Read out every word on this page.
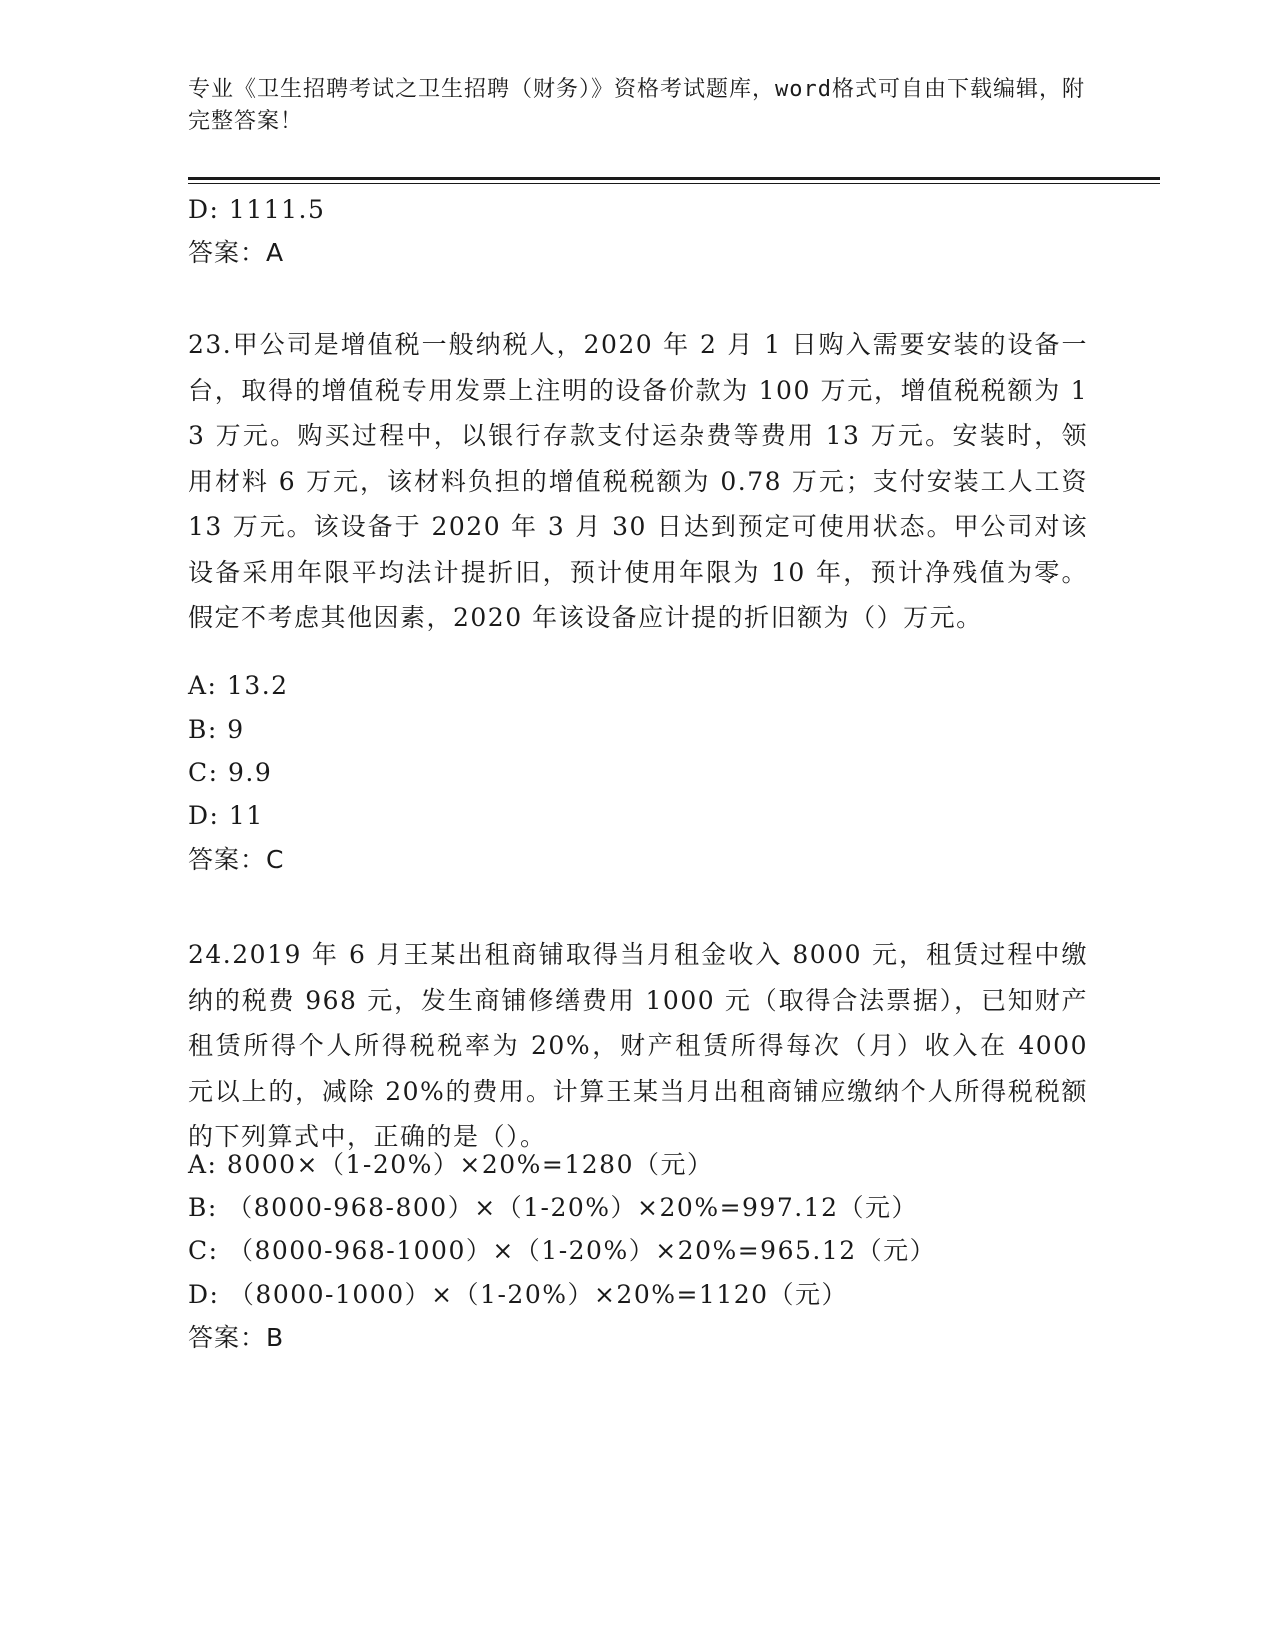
专业《卫生招聘考试之卫生招聘（财务）》资格考试题库，word格式可自由下载编辑，附完整答案！
D: 1111.5
答案：A
23.甲公司是增值税一般纳税人，2020 年 2 月 1 日购入需要安装的设备一台，取得的增值税专用发票上注明的设备价款为 100 万元，增值税税额为 13 万元。购买过程中，以银行存款支付运杂费等费用 13 万元。安装时，领用材料 6 万元，该材料负担的增值税税额为 0.78 万元；支付安装工人工资 13 万元。该设备于 2020 年 3 月 30 日达到预定可使用状态。甲公司对该设备采用年限平均法计提折旧，预计使用年限为 10 年，预计净残值为零。假定不考虑其他因素，2020 年该设备应计提的折旧额为（）万元。
A: 13.2
B: 9
C: 9.9
D: 11
答案：C
24.2019 年 6 月王某出租商铺取得当月租金收入 8000 元，租赁过程中缴纳的税费 968 元，发生商铺修缮费用 1000 元（取得合法票据），已知财产租赁所得个人所得税税率为 20%，财产租赁所得每次（月）收入在 4000 元以上的，减除 20%的费用。计算王某当月出租商铺应缴纳个人所得税税额的下列算式中，正确的是（）。
A: 8000×（1-20%）×20%=1280（元）
B: （8000-968-800）×（1-20%）×20%=997.12（元）
C: （8000-968-1000）×（1-20%）×20%=965.12（元）
D: （8000-1000）×（1-20%）×20%=1120（元）
答案：B
